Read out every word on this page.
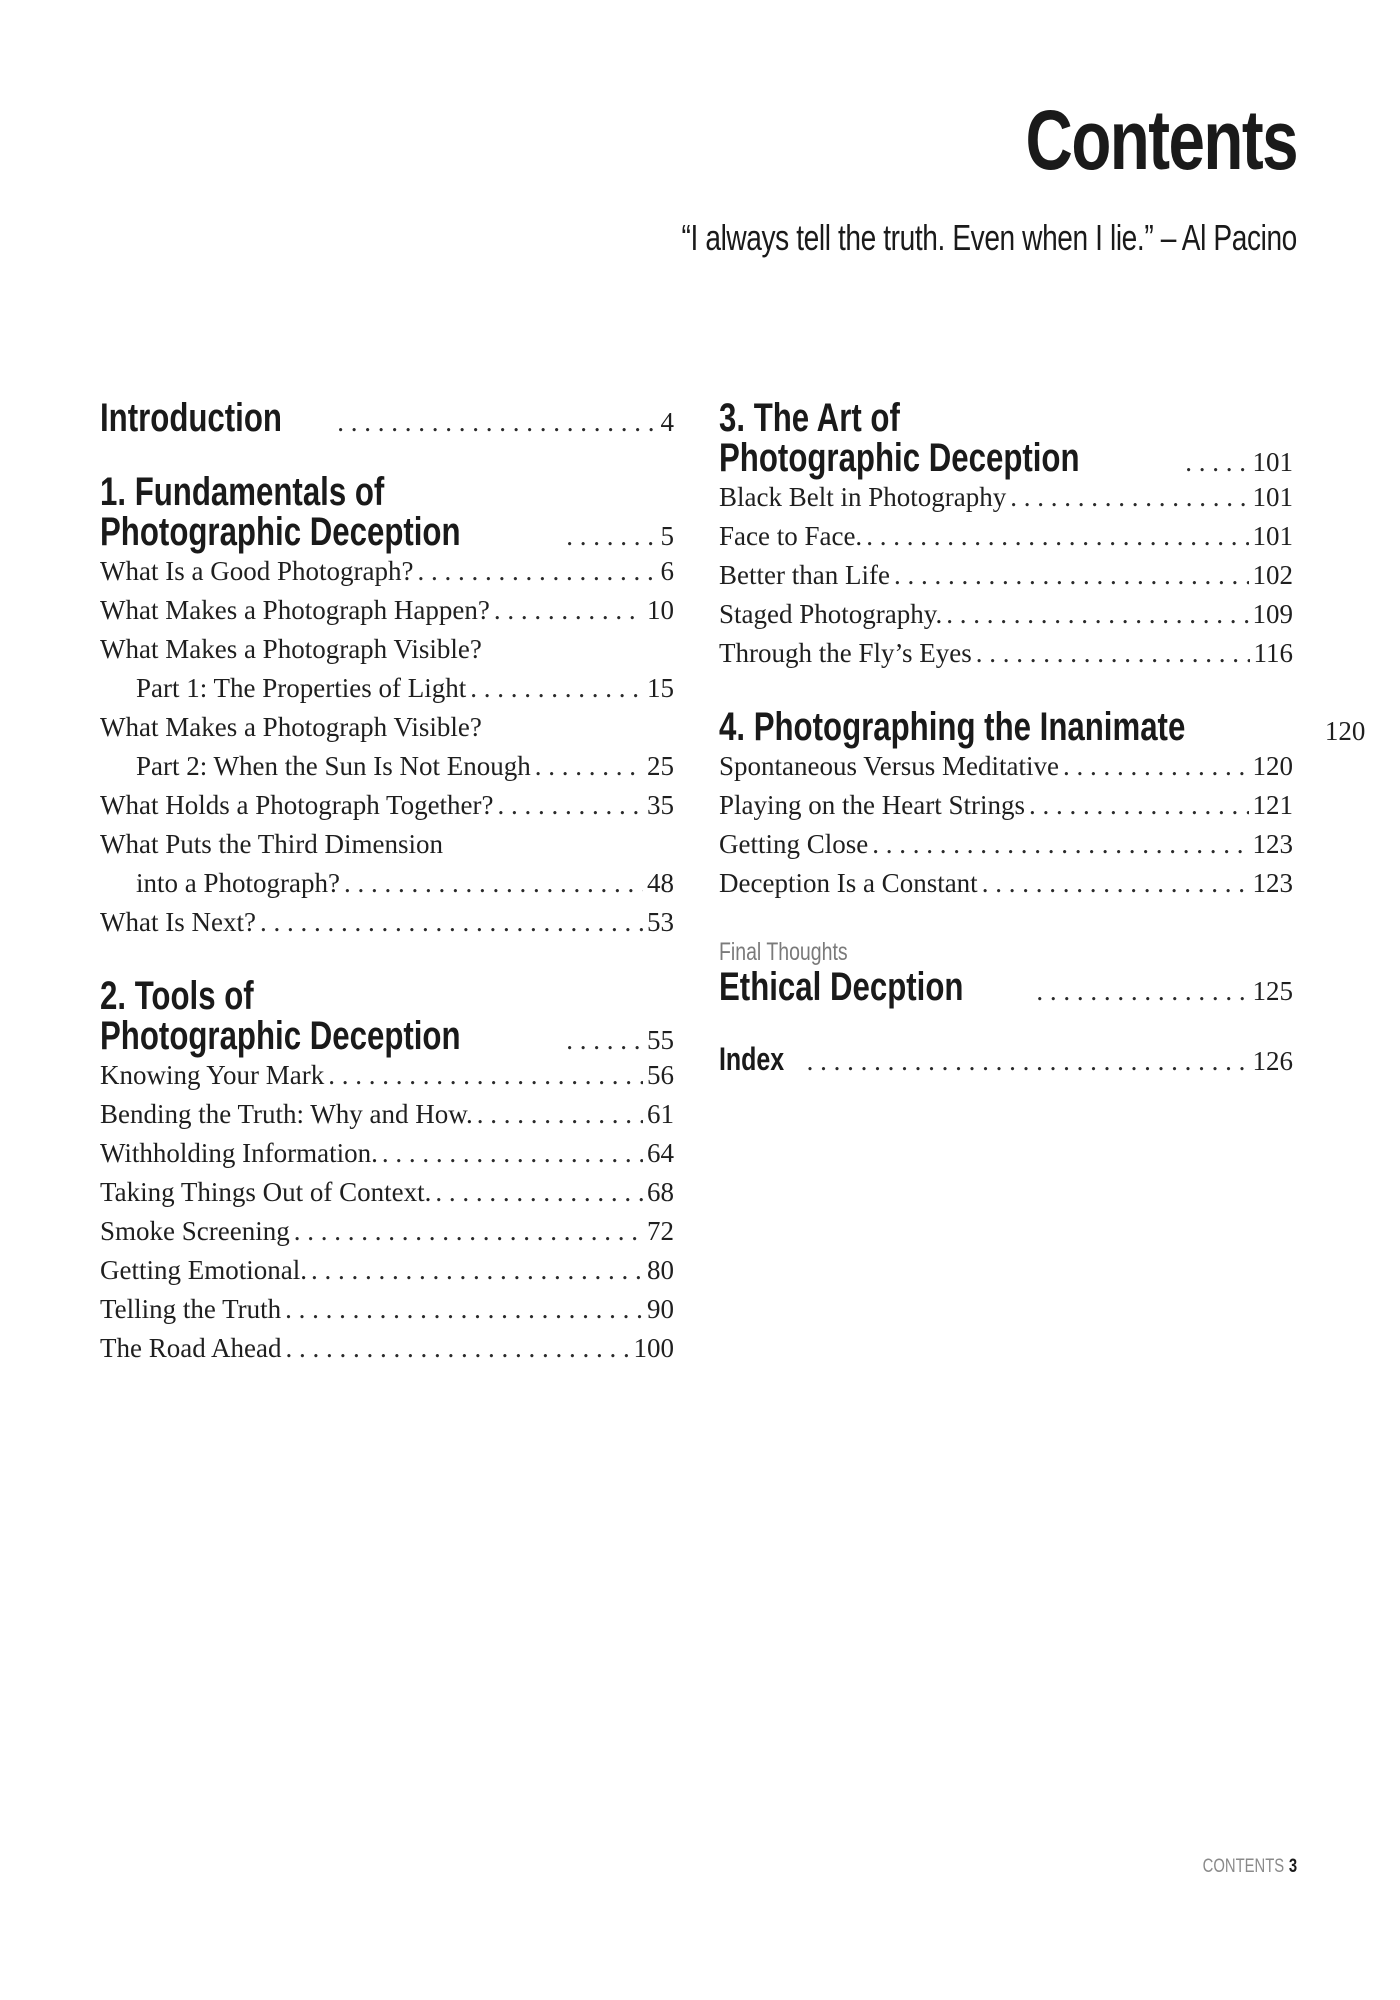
Contents

“I always tell the truth. Even when I lie.” – Al Pacino

Introduction . . .	4
1. Fundamentals of
Photographic Deception . . .	5
What Is a Good Photograph? . . .	6
What Makes a Photograph Happen? . . .	10
What Makes a Photograph Visible?
Part 1: The Properties of Light . . .	15
What Makes a Photograph Visible?
Part 2: When the Sun Is Not Enough . . .	25
What Holds a Photograph Together? . . .	35
What Puts the Third Dimension
into a Photograph? . . .	48
What Is Next? . . .	53
2. Tools of
Photographic Deception . . .	55
Knowing Your Mark . . .	56
Bending the Truth: Why and How. . . .	61
Withholding Information. . . .	64
Taking Things Out of Context. . . .	68
Smoke Screening . . .	72
Getting Emotional. . . .	80
Telling the Truth . . .	90
The Road Ahead . . .	100
3. The Art of
Photographic Deception . . .	101
Black Belt in Photography . . .	101
Face to Face. . . .	101
Better than Life . . .	102
Staged Photography. . . .	109
Through the Fly’s Eyes . . .	116
4. Photographing the Inanimate	120
Spontaneous Versus Meditative . . .	120
Playing on the Heart Strings . . .	121
Getting Close . . .	123
Deception Is a Constant . . .	123
Final Thoughts
Ethical Decption . . .	125
Index . . .	126
CONTENTS 3
